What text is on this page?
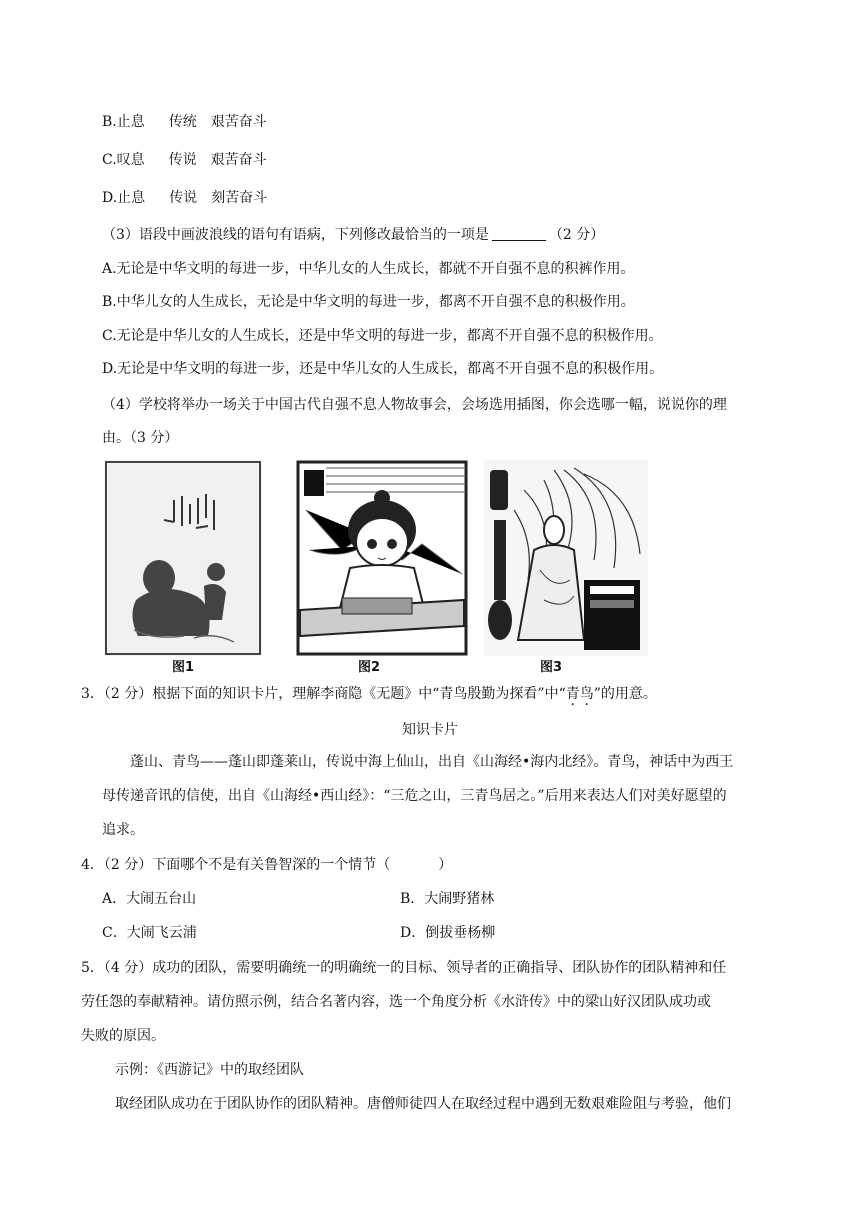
B.止息 传统 艰苦奋斗
C.叹息 传说 艰苦奋斗
D.止息 传说 刻苦奋斗
（3）语段中画波浪线的语句有语病，下列修改最恰当的一项是	（2 分）
A.无论是中华文明的每进一步，中华儿女的人生成长，都就不开自强不息的积裤作用。
B.中华儿女的人生成长，无论是中华文明的每进一步，都离不开自强不息的积极作用。
C.无论是中华儿女的人生成长，还是中华文明的每进一步，都离不开自强不息的积极作用。
D.无论是中华文明的每进一步，还是中华儿女的人生成长，都离不开自强不息的积极作用。
（4）学校将举办一场关于中国古代自强不息人物故事会，会场选用插图，你会选哪一幅，说说你的理
由。（3 分）
图1	图2	图3
3．（2 分）根据下面的知识卡片，理解李商隐《无题》中“青鸟殷勤为探看”中“青鸟”的用意。
知识卡片
蓬山、青鸟——蓬山即蓬莱山，传说中海上仙山，出自《山海经•海内北经》。青鸟，神话中为西王
母传递音讯的信使，出自《山海经•西山经》：“三危之山，三青鸟居之。”后用来表达人们对美好愿望的
追求。
4．（2 分）下面哪个不是有关鲁智深的一个情节（	）
A．大闹五台山	B．大闹野猪林
C．大闹飞云浦	D．倒拔垂杨柳
5．（4 分）成功的团队，需要明确统一的明确统一的目标、领导者的正确指导、团队协作的团队精神和任
劳任怨的奉献精神。请仿照示例，结合名著内容，选一个角度分析《水浒传》中的梁山好汉团队成功或
失败的原因。
示例：《西游记》中的取经团队
取经团队成功在于团队协作的团队精神。唐僧师徒四人在取经过程中遇到无数艰难险阻与考验，他们
